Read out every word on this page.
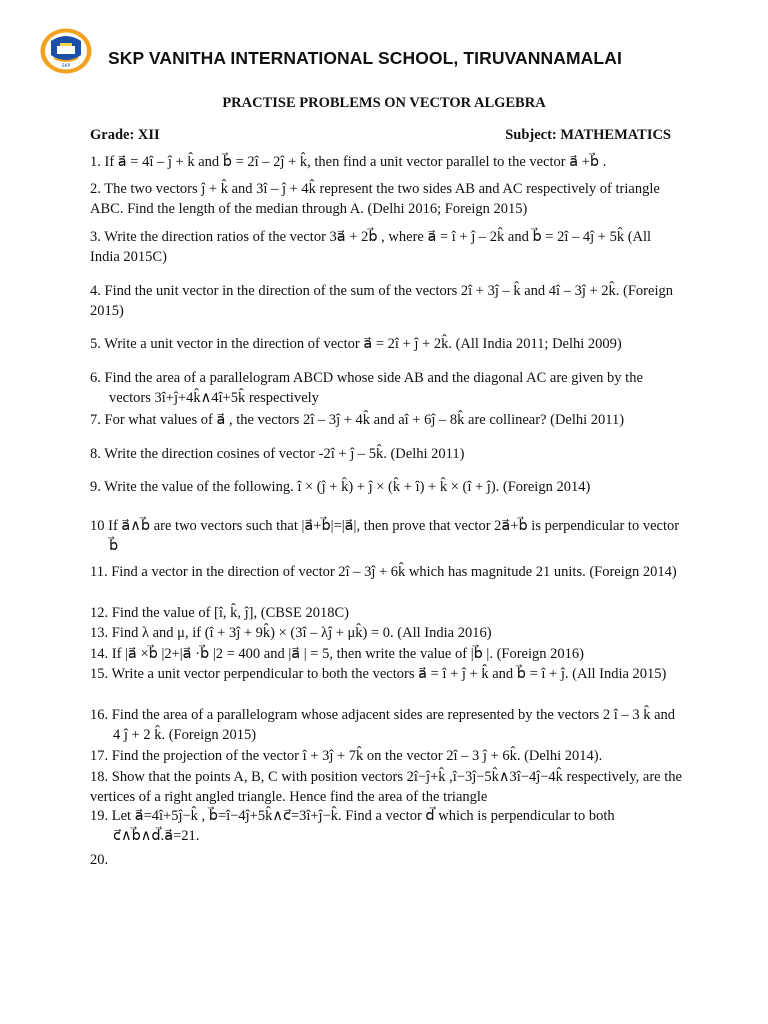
SKP SKP VANITHA INTERNATIONAL SCHOOL, TIRUVANNAMALAI
PRACTISE PROBLEMS ON VECTOR ALGEBRA
Grade: XII	Subject: MATHEMATICS
1. If a⃗ = 4î – ĵ + k̂ and b⃗ = 2î – 2ĵ + k̂, then find a unit vector parallel to the vector a⃗ +b⃗ .
2. The two vectors ĵ + k̂ and 3î – ĵ + 4k̂ represent the two sides AB and AC respectively of triangle ABC. Find the length of the median through A. (Delhi 2016; Foreign 2015)
3. Write the direction ratios of the vector 3a⃗ + 2b⃗ , where a⃗ = î + ĵ – 2k̂ and b⃗ = 2î – 4ĵ + 5k̂ (All India 2015C)
4. Find the unit vector in the direction of the sum of the vectors 2î + 3ĵ – k̂ and 4î – 3ĵ + 2k̂. (Foreign 2015)
5. Write a unit vector in the direction of vector a⃗ = 2î + ĵ + 2k̂. (All India 2011; Delhi 2009)
6. Find the area of a parallelogram ABCD whose side AB and the diagonal AC are given by the vectors 3î+ĵ+4k̂∧4î+5k̂ respectively
7. For what values of a⃗ , the vectors 2î – 3ĵ + 4k̂ and aî + 6ĵ – 8k̂ are collinear? (Delhi 2011)
8. Write the direction cosines of vector -2î + ĵ – 5k̂. (Delhi 2011)
9. Write the value of the following. î × (ĵ + k̂) + ĵ × (k̂ + î) + k̂ × (î + ĵ). (Foreign 2014)
10 If a⃗∧b⃗ are two vectors such that |a⃗+b⃗|=|a⃗|, then prove that vector 2a⃗+b⃗ is perpendicular to vector b⃗
11. Find a vector in the direction of vector 2î – 3ĵ + 6k̂ which has magnitude 21 units. (Foreign 2014)
12. Find the value of [î, k̂, ĵ], (CBSE 2018C)
13. Find λ and μ, if (î + 3ĵ + 9k̂) × (3î – λĵ + μk̂) = 0. (All India 2016)
14. If |a⃗ ×b⃗ |2+|a⃗ ·b⃗ |2 = 400 and |a⃗ | = 5, then write the value of |b⃗ |. (Foreign 2016)
15. Write a unit vector perpendicular to both the vectors a⃗ = î + ĵ + k̂ and b⃗ = î + ĵ. (All India 2015)
16. Find the area of a parallelogram whose adjacent sides are represented by the vectors 2 î – 3 k̂ and 4 ĵ + 2 k̂. (Foreign 2015)
17. Find the projection of the vector î + 3ĵ + 7k̂ on the vector 2î – 3 ĵ + 6k̂. (Delhi 2014).
18. Show that the points A, B, C with position vectors 2î−ĵ+k̂ ,î−3ĵ−5k̂∧3î−4ĵ−4k̂ respectively, are the vertices of a right angled triangle. Hence find the area of the triangle
19. Let a⃗=4î+5ĵ−k̂ , b⃗=î−4ĵ+5k̂∧c⃗=3î+ĵ−k̂. Find a vector d⃗ which is perpendicular to both c⃗∧b⃗∧d⃗.a⃗=21.
20.
